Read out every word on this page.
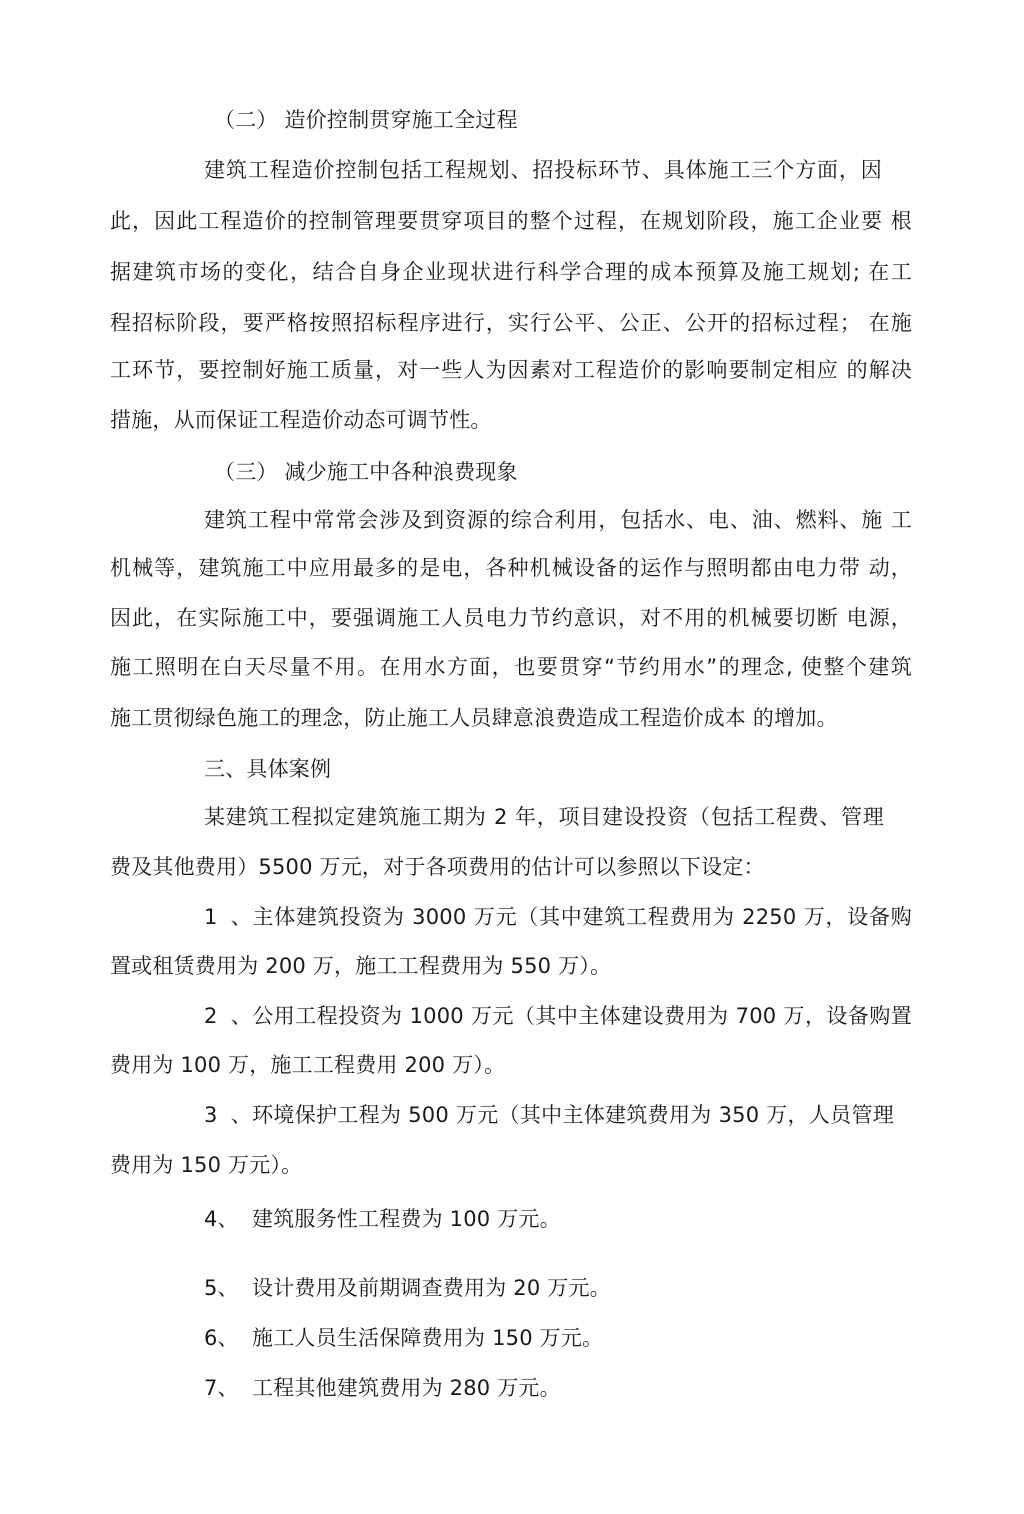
（二） 造价控制贯穿施工全过程

建筑工程造价控制包括工程规划、招投标环节、具体施工三个方面，因

此，因此工程造价的控制管理要贯穿项目的整个过程，在规划阶段，施工企业要 根

据建筑市场的变化，结合自身企业现状进行科学合理的成本预算及施工规划; 在工

程招标阶段，要严格按照招标程序进行，实行公平、公正、公开的招标过程； 在施

工环节，要控制好施工质量，对一些人为因素对工程造价的影响要制定相应 的解决

措施，从而保证工程造价动态可调节性。

（三） 减少施工中各种浪费现象

建筑工程中常常会涉及到资源的综合利用，包括水、电、油、燃料、施 工

机械等，建筑施工中应用最多的是电，各种机械设备的运作与照明都由电力带 动，

因此，在实际施工中，要强调施工人员电力节约意识，对不用的机械要切断 电源，

施工照明在白天尽量不用。在用水方面，也要贯穿“节约用水”的理念, 使整个建筑

施工贯彻绿色施工的理念，防止施工人员肆意浪费造成工程造价成本 的增加。

三、具体案例

某建筑工程拟定建筑施工期为 2 年，项目建设投资（包括工程费、管理

费及其他费用）5500 万元，对于各项费用的估计可以参照以下设定：

1、主体建筑投资为 3000 万元（其中建筑工程费用为 2250 万，设备购

置或租赁费用为 200 万，施工工程费用为 550 万）。

2、公用工程投资为 1000 万元（其中主体建设费用为 700 万，设备购置

费用为 100 万，施工工程费用 200 万）。

3、环境保护工程为 500 万元（其中主体建筑费用为 350 万，人员管理

费用为 150 万元）。

4、 建筑服务性工程费为 100 万元。

5、 设计费用及前期调查费用为 20 万元。

6、 施工人员生活保障费用为 150 万元。

7、 工程其他建筑费用为 280 万元。
